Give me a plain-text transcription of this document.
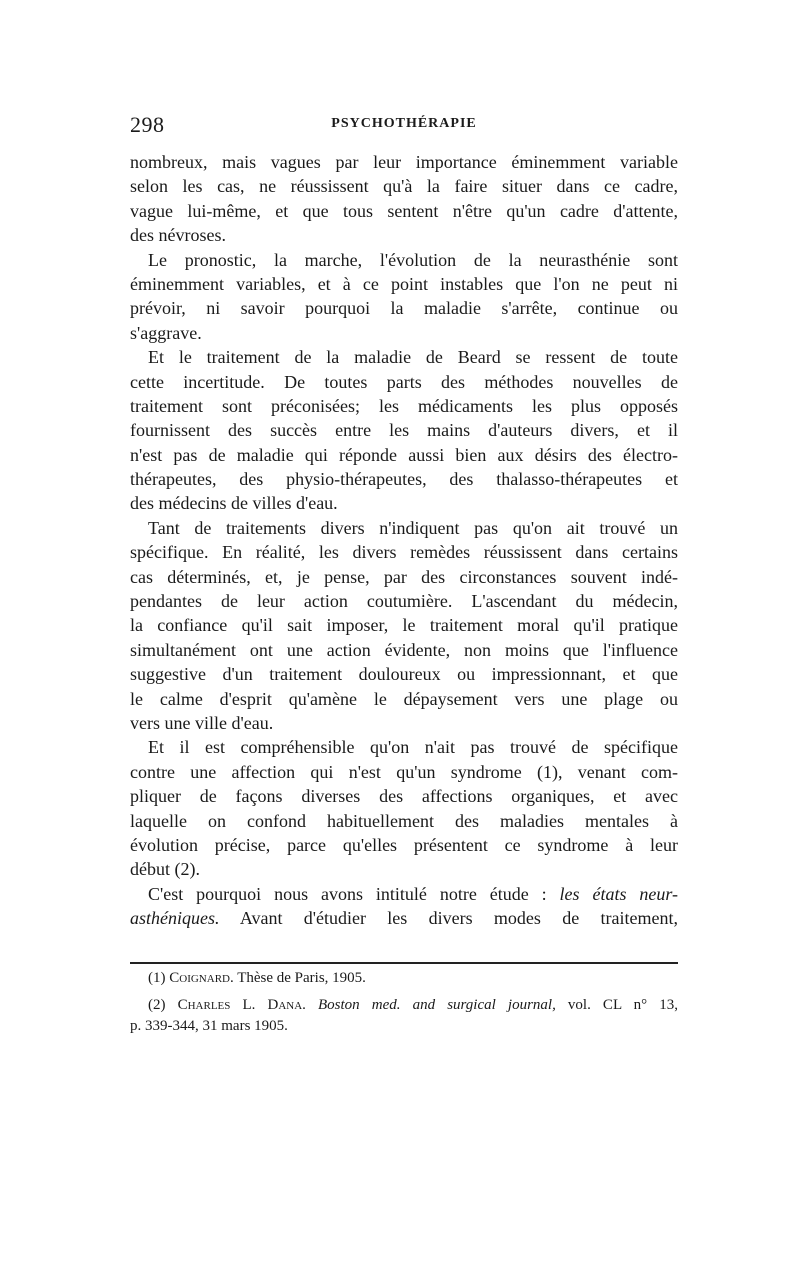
298	PSYCHOTHÉRAPIE
nombreux, mais vagues par leur importance éminemment variable
selon les cas, ne réussissent qu'à la faire situer dans ce cadre,
vague lui-même, et que tous sentent n'être qu'un cadre d'attente,
des névroses.
Le pronostic, la marche, l'évolution de la neurasthénie sont
éminemment variables, et à ce point instables que l'on ne peut ni
prévoir, ni savoir pourquoi la maladie s'arrête, continue ou
s'aggrave.
Et le traitement de la maladie de Beard se ressent de toute
cette incertitude. De toutes parts des méthodes nouvelles de
traitement sont préconisées; les médicaments les plus opposés
fournissent des succès entre les mains d'auteurs divers, et il
n'est pas de maladie qui réponde aussi bien aux désirs des électro-
thérapeutes, des physio-thérapeutes, des thalasso-thérapeutes et
des médecins de villes d'eau.
Tant de traitements divers n'indiquent pas qu'on ait trouvé un
spécifique. En réalité, les divers remèdes réussissent dans certains
cas déterminés, et, je pense, par des circonstances souvent indé-
pendantes de leur action coutumière. L'ascendant du médecin,
la confiance qu'il sait imposer, le traitement moral qu'il pratique
simultanément ont une action évidente, non moins que l'influence
suggestive d'un traitement douloureux ou impressionnant, et que
le calme d'esprit qu'amène le dépaysement vers une plage ou
vers une ville d'eau.
Et il est compréhensible qu'on n'ait pas trouvé de spécifique
contre une affection qui n'est qu'un syndrome (1), venant com-
pliquer de façons diverses des affections organiques, et avec
laquelle on confond habituellement des maladies mentales à
évolution précise, parce qu'elles présentent ce syndrome à leur
début (2).
C'est pourquoi nous avons intitulé notre étude : les états neur-
asthéniques. Avant d'étudier les divers modes de traitement,
(1) Coignard. Thèse de Paris, 1905.
(2) Charles L. Dana. Boston med. and surgical journal, vol. CL n° 13,
p. 339-344, 31 mars 1905.
